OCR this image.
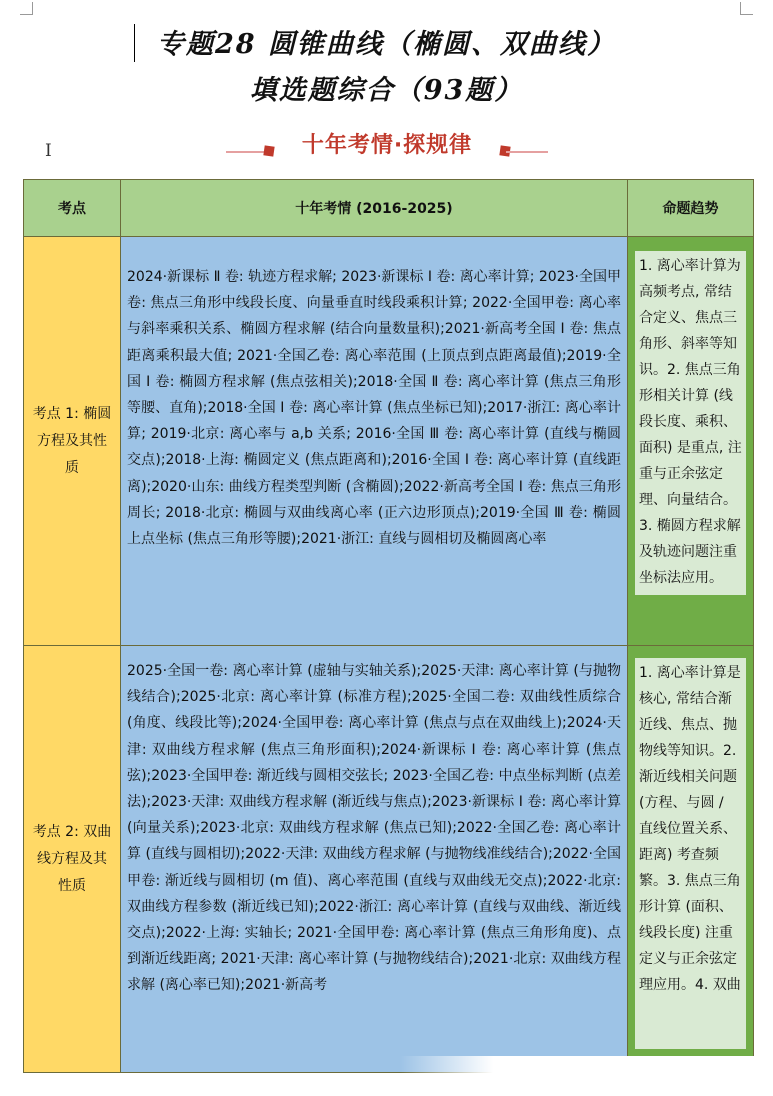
专题28 圆锥曲线（椭圆、双曲线）
填选题综合（93题）
I	十年考情·探规律
考点	十年考情 (2016-2025)	命题趋势
考点 1: 椭圆方程及其性质	2024·新课标 Ⅱ 卷: 轨迹方程求解; 2023·新课标 Ⅰ 卷: 离心率计算; 2023·全国甲卷: 焦点三角形中线段长度、向量垂直时线段乘积计算; 2022·全国甲卷: 离心率与斜率乘积关系、椭圆方程求解 (结合向量数量积);2021·新高考全国 Ⅰ 卷: 焦点距离乘积最大值; 2021·全国乙卷: 离心率范围 (上顶点到点距离最值);2019·全国 Ⅰ 卷: 椭圆方程求解 (焦点弦相关);2018·全国 Ⅱ 卷: 离心率计算 (焦点三角形等腰、直角);2018·全国 Ⅰ 卷: 离心率计算 (焦点坐标已知);2017·浙江: 离心率计算; 2019·北京: 离心率与 a,b 关系; 2016·全国 Ⅲ 卷: 离心率计算 (直线与椭圆交点);2018·上海: 椭圆定义 (焦点距离和);2016·全国 Ⅰ 卷: 离心率计算 (直线距离);2020·山东: 曲线方程类型判断 (含椭圆);2022·新高考全国 Ⅰ 卷: 焦点三角形周长; 2018·北京: 椭圆与双曲线离心率 (正六边形顶点);2019·全国 Ⅲ 卷: 椭圆上点坐标 (焦点三角形等腰);2021·浙江: 直线与圆相切及椭圆离心率	1. 离心率计算为高频考点, 常结合定义、焦点三角形、斜率等知识。2. 焦点三角形相关计算 (线段长度、乘积、面积) 是重点, 注重与正余弦定理、向量结合。3. 椭圆方程求解及轨迹问题注重坐标法应用。

考点 2: 双曲线方程及其性质	2025·全国一卷: 离心率计算 (虚轴与实轴关系);2025·天津: 离心率计算 (与抛物线结合);2025·北京: 离心率计算 (标准方程);2025·全国二卷: 双曲线性质综合 (角度、线段比等);2024·全国甲卷: 离心率计算 (焦点与点在双曲线上);2024·天津: 双曲线方程求解 (焦点三角形面积);2024·新课标 Ⅰ 卷: 离心率计算 (焦点弦);2023·全国甲卷: 渐近线与圆相交弦长; 2023·全国乙卷: 中点坐标判断 (点差法);2023·天津: 双曲线方程求解 (渐近线与焦点);2023·新课标 Ⅰ 卷: 离心率计算 (向量关系);2023·北京: 双曲线方程求解 (焦点已知);2022·全国乙卷: 离心率计算 (直线与圆相切);2022·天津: 双曲线方程求解 (与抛物线准线结合);2022·全国甲卷: 渐近线与圆相切 (m 值)、离心率范围 (直线与双曲线无交点);2022·北京: 双曲线方程参数 (渐近线已知);2022·浙江: 离心率计算 (直线与双曲线、渐近线交点);2022·上海: 实轴长; 2021·全国甲卷: 离心率计算 (焦点三角形角度)、点到渐近线距离; 2021·天津: 离心率计算 (与抛物线结合);2021·北京: 双曲线方程求解 (离心率已知);2021·新高考	1. 离心率计算是核心, 常结合渐近线、焦点、抛物线等知识。2. 渐近线相关问题 (方程、与圆 / 直线位置关系、距离) 考查频繁。3. 焦点三角形计算 (面积、线段长度) 注重定义与正余弦定理应用。4. 双曲
